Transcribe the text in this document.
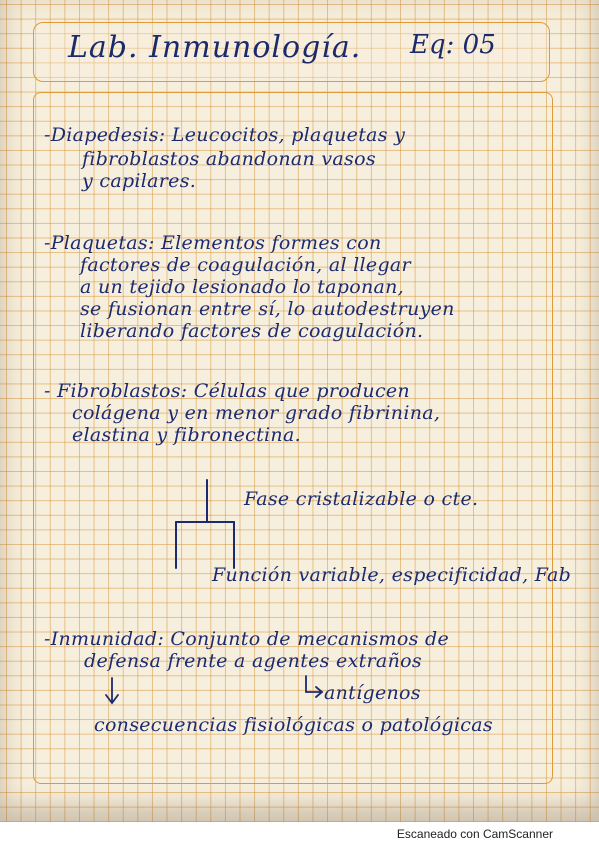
Lab. Inmunología. Eq: 05
-Diapedesis: Leucocitos, plaquetas y
fibroblastos abandonan vasos
y capilares.
-Plaquetas: Elementos formes con
factores de coagulación, al llegar
a un tejido lesionado lo taponan,
se fusionan entre sí, lo autodestruyen
liberando factores de coagulación.
- Fibroblastos: Células que producen
colágena y en menor grado fibrinina,
elastina y fibronectina.
Fase cristalizable o cte.
Función variable, especificidad, Fab
-Inmunidad: Conjunto de mecanismos de
defensa frente a agentes extraños
antígenos
consecuencias fisiológicas o patológicas
Escaneado con CamScanner
